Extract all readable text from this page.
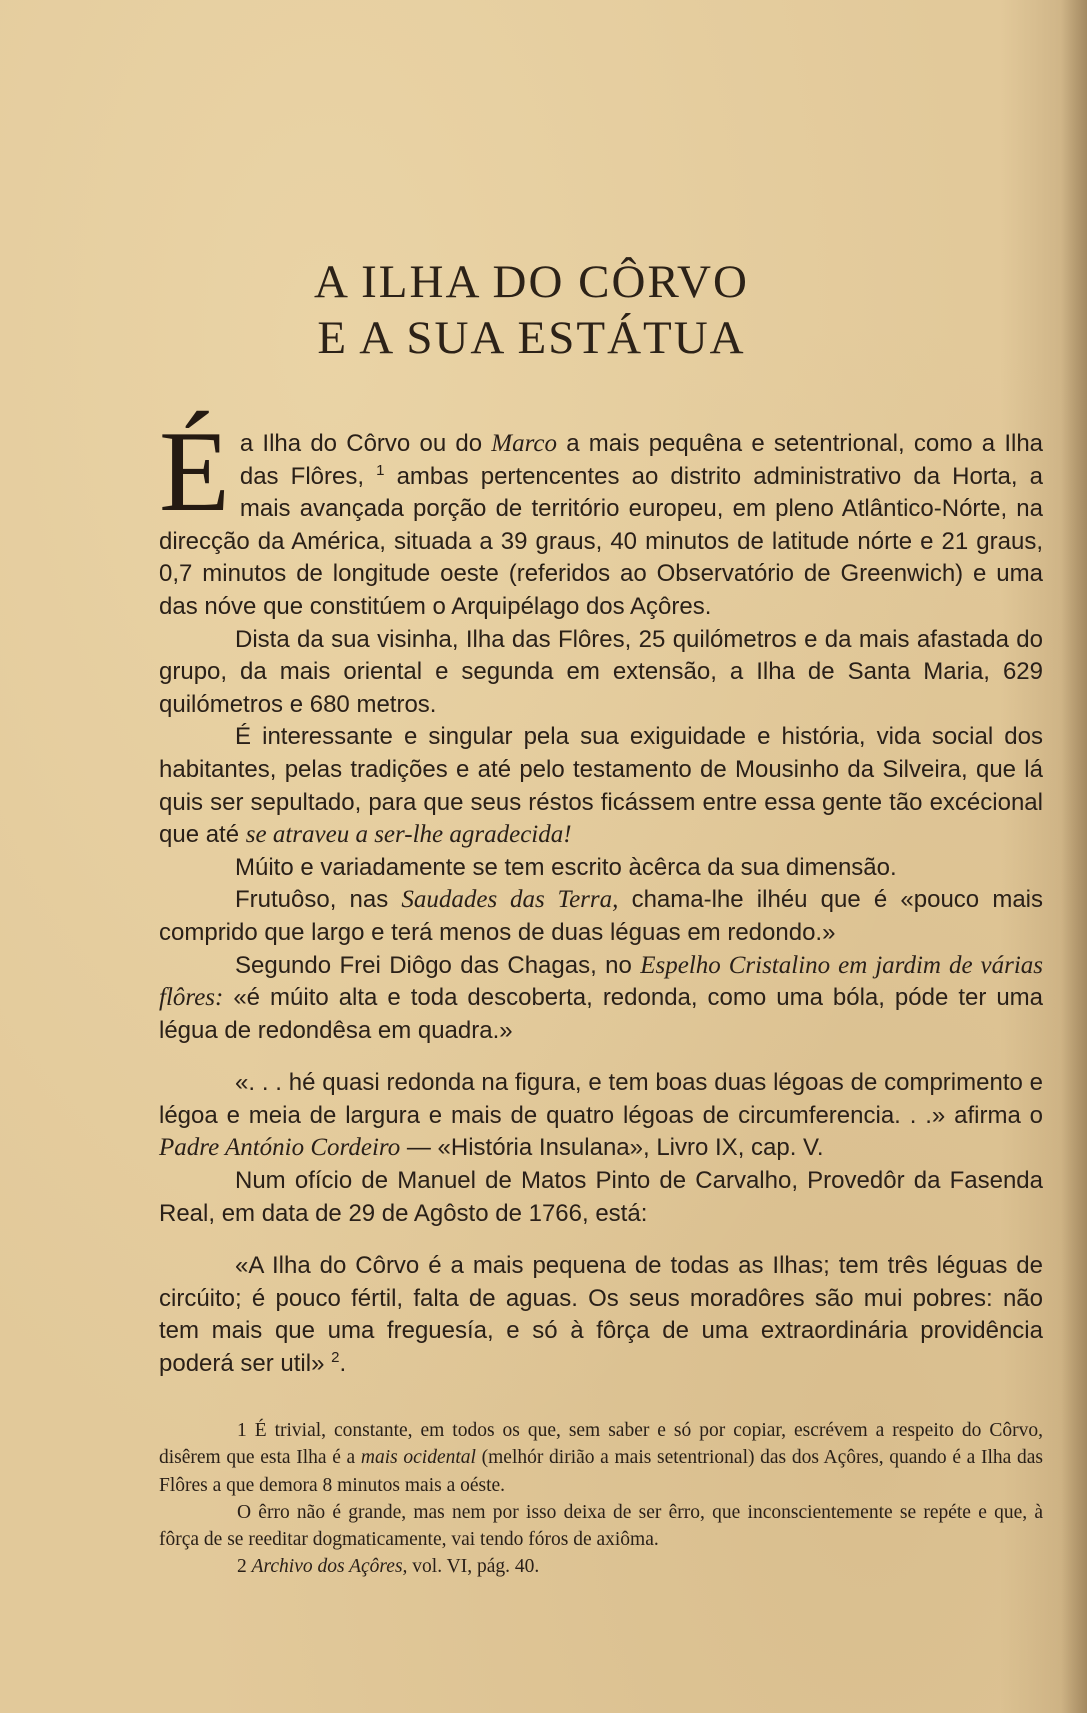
A ILHA DO CÔRVO
E A SUA ESTÁTUA

Éa Ilha do Côrvo ou do Marco a mais pequêna e setentrional, como a Ilha das Flôres, $^1$ ambas pertencentes ao distrito administrativo da Horta, a mais avançada porção de território europeu, em pleno Atlântico-Nórte, na direcção da América, situada a 39 graus, 40 minutos de latitude nórte e 21 graus, 0,7 minutos de longitude oeste (referidos ao Observatório de Greenwich) e uma das nóve que constitúem o Arquipélago dos Açôres.

Dista da sua visinha, Ilha das Flôres, 25 quilómetros e da mais afastada do grupo, da mais oriental e segunda em extensão, a Ilha de Santa Maria, 629 quilómetros e 680 metros.

É interessante e singular pela sua exiguidade e história, vida social dos habitantes, pelas tradições e até pelo testamento de Mousinho da Silveira, que lá quis ser sepultado, para que seus réstos ficássem entre essa gente tão excécional que até se atraveu a ser-lhe agradecida!

Múito e variadamente se tem escrito àcêrca da sua dimensão.

Frutuôso, nas Saudades das Terra, chama-lhe ilhéu que é «pouco mais comprido que largo e terá menos de duas léguas em redondo.»

Segundo Frei Diôgo das Chagas, no Espelho Cristalino em jardim de várias flôres: «é múito alta e toda descoberta, redonda, como uma bóla, póde ter uma légua de redondêsa em quadra.»

«. . . hé quasi redonda na figura, e tem boas duas légoas de comprimento e légoa e meia de largura e mais de quatro légoas de circumferencia. . .» afirma o Padre António Cordeiro — «História Insulana», Livro IX, cap. V.

Num ofício de Manuel de Matos Pinto de Carvalho, Provedôr da Fasenda Real, em data de 29 de Agôsto de 1766, está:

«A Ilha do Côrvo é a mais pequena de todas as Ilhas; tem três léguas de circúito; é pouco fértil, falta de aguas. Os seus moradôres são mui pobres: não tem mais que uma freguesía, e só à fôrça de uma extraordinária providência poderá ser util» $^2$.

1 É trivial, constante, em todos os que, sem saber e só por copiar, escrévem a respeito do Côrvo, disêrem que esta Ilha é a mais ocidental (melhór dirião a mais setentrional) das dos Açôres, quando é a Ilha das Flôres a que demora 8 minutos mais a oéste.

O êrro não é grande, mas nem por isso deixa de ser êrro, que inconscientemente se repéte e que, à fôrça de se reeditar dogmaticamente, vai tendo fóros de axiôma.

2 Archivo dos Açôres, vol. VI, pág. 40.
